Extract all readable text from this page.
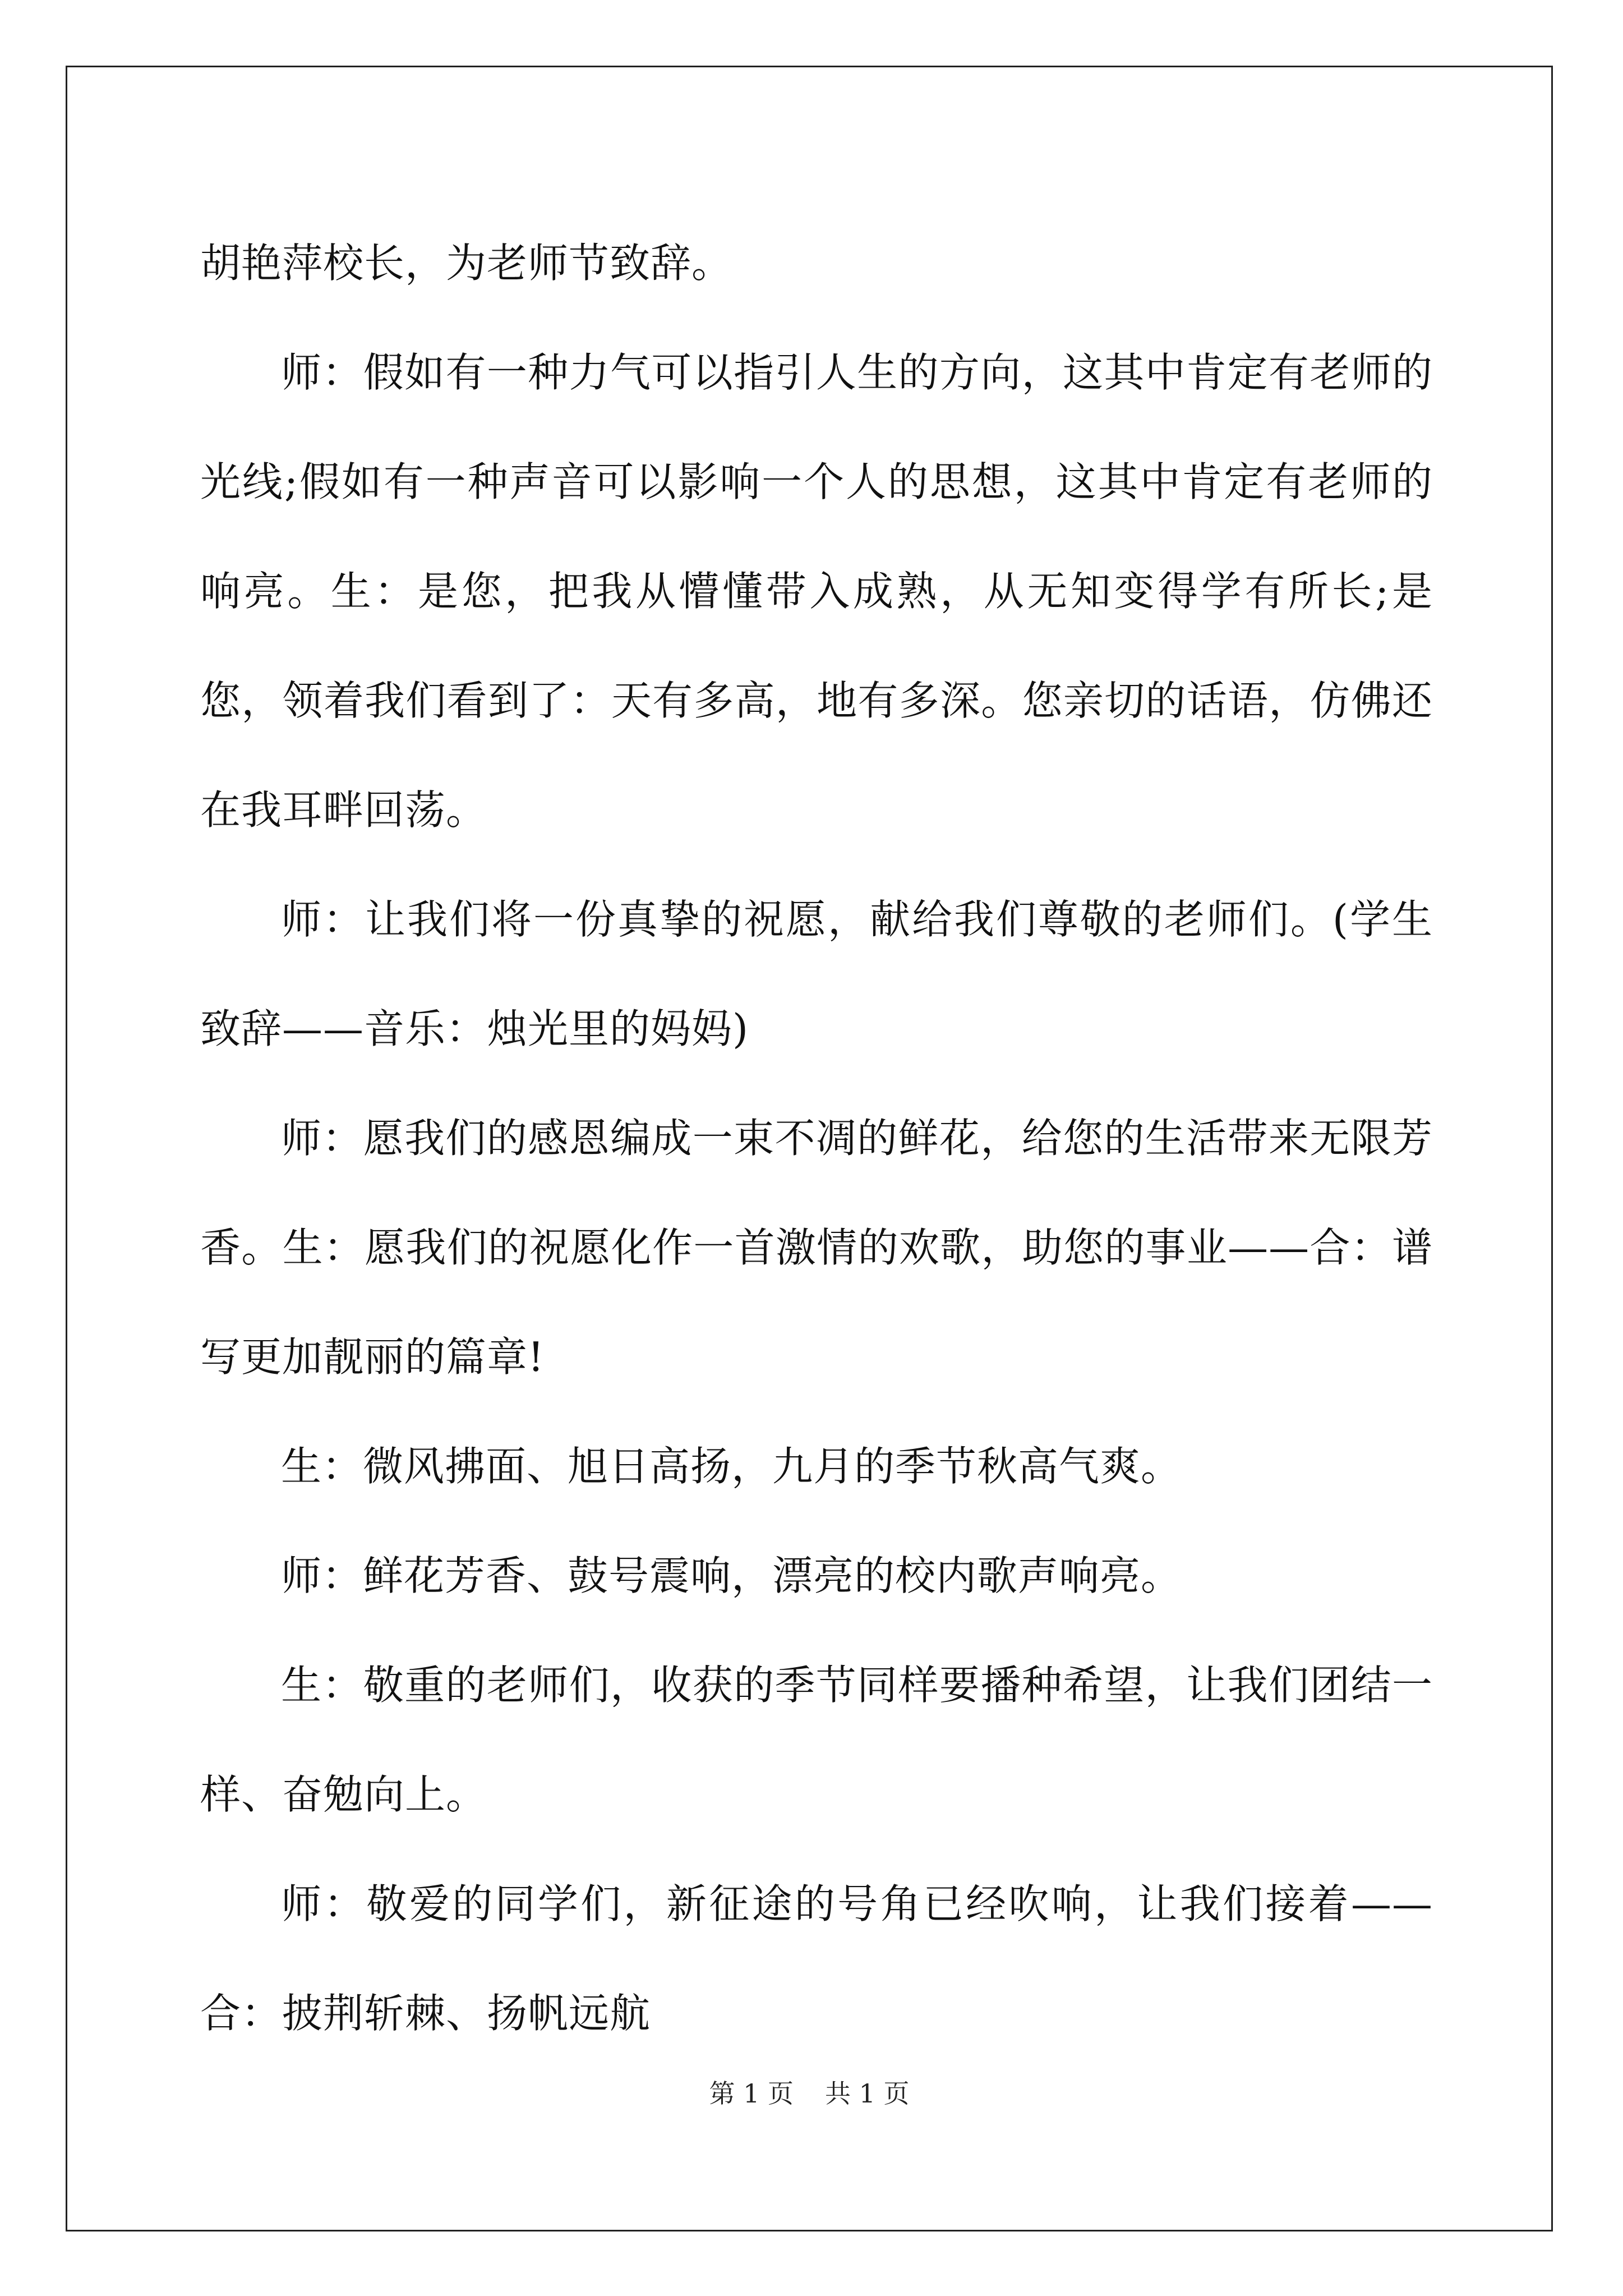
胡艳萍校长，为老师节致辞。

师：假如有一种力气可以指引人生的方向，这其中肯定有老师的光线;假如有一种声音可以影响一个人的思想，这其中肯定有老师的响亮。生：是您，把我从懵懂带入成熟，从无知变得学有所长;是您，领着我们看到了：天有多高，地有多深。您亲切的话语，仿佛还在我耳畔回荡。

师：让我们将一份真挚的祝愿，献给我们尊敬的老师们。(学生致辞——音乐：烛光里的妈妈)

师：愿我们的感恩编成一束不凋的鲜花，给您的生活带来无限芳香。生：愿我们的祝愿化作一首激情的欢歌，助您的事业——合：谱写更加靓丽的篇章!

生：微风拂面、旭日高扬，九月的季节秋高气爽。

师：鲜花芳香、鼓号震响，漂亮的校内歌声响亮。

生：敬重的老师们，收获的季节同样要播种希望，让我们团结一样、奋勉向上。

师：敬爱的同学们，新征途的号角已经吹响，让我们接着——合：披荆斩棘、扬帆远航

第 1 页 共 1 页
